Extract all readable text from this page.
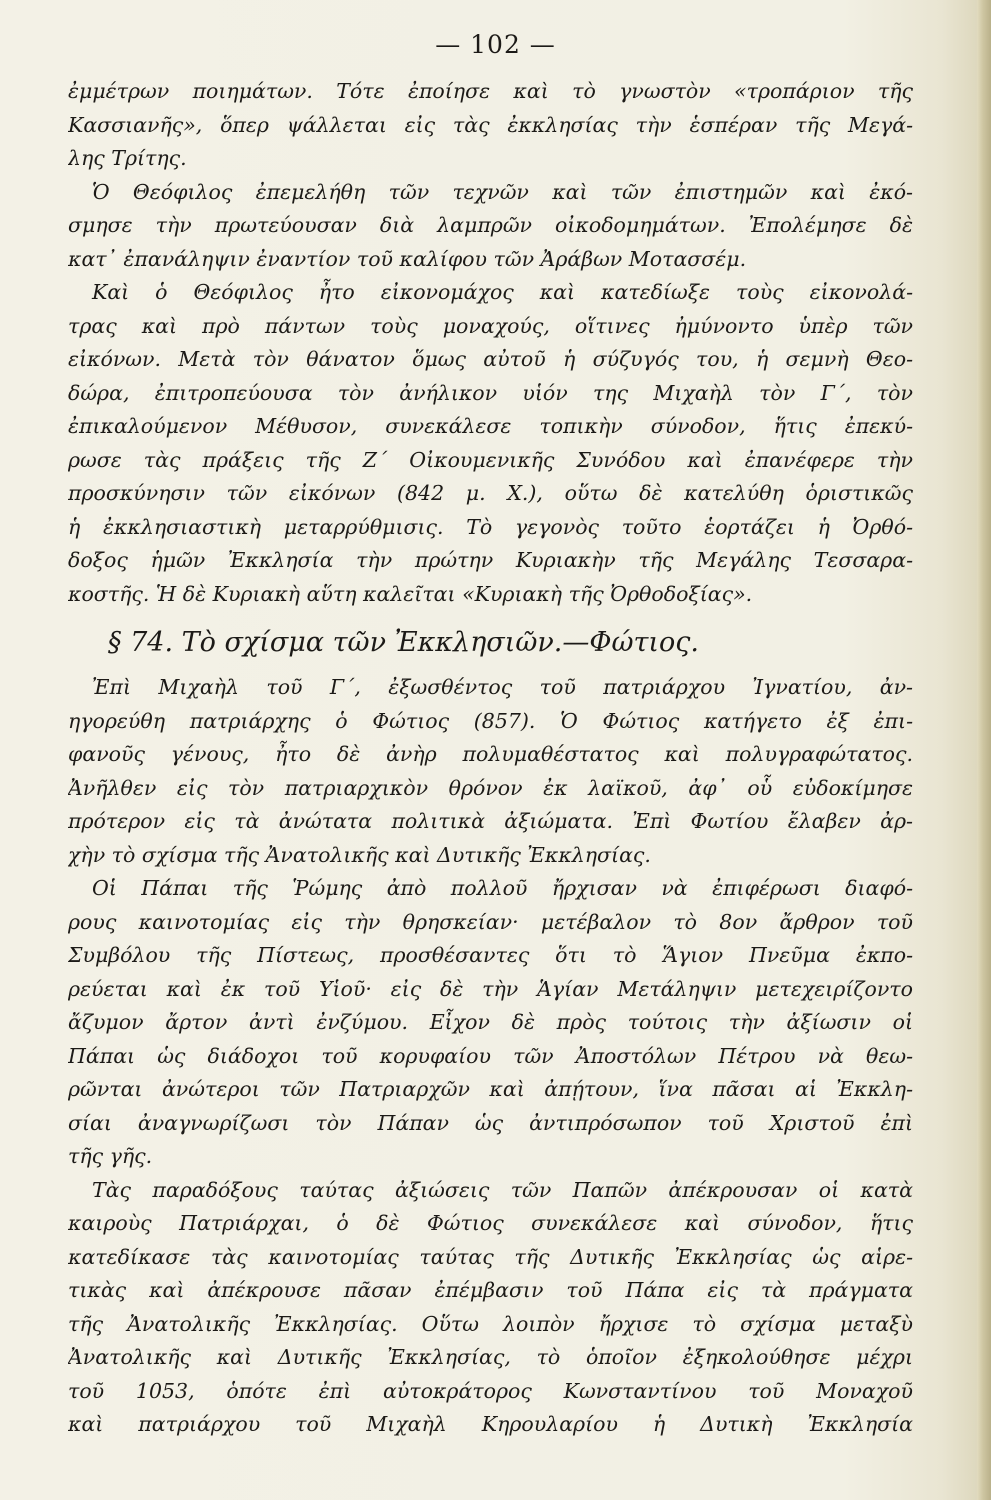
— 102 —
ἐμμέτρων ποιημάτων. Τότε ἐποίησε καὶ τὸ γνωστὸν «τροπάριον τῆς
Κασσιανῆς», ὅπερ ψάλλεται εἰς τὰς ἐκκλησίας τὴν ἑσπέραν τῆς Μεγά-
λης Τρίτης.
Ὁ Θεόφιλος ἐπεμελήθη τῶν τεχνῶν καὶ τῶν ἐπιστημῶν καὶ ἐκό-
σμησε τὴν πρωτεύουσαν διὰ λαμπρῶν οἰκοδομημάτων. Ἐπολέμησε δὲ
κατ᾽ ἐπανάληψιν ἐναντίον τοῦ καλίφου τῶν Ἀράβων Μοτασσέμ.
Καὶ ὁ Θεόφιλος ἦτο εἰκονομάχος καὶ κατεδίωξε τοὺς εἰκονολά-
τρας καὶ πρὸ πάντων τοὺς μοναχούς, οἵτινες ἠμύνοντο ὑπὲρ τῶν
εἰκόνων. Μετὰ τὸν θάνατον ὅμως αὐτοῦ ἡ σύζυγός του, ἡ σεμνὴ Θεο-
δώρα, ἐπιτροπεύουσα τὸν ἀνήλικον υἱόν της Μιχαὴλ τὸν Γ΄, τὸν
ἐπικαλούμενον Μέθυσον, συνεκάλεσε τοπικὴν σύνοδον, ἥτις ἐπεκύ-
ρωσε τὰς πράξεις τῆς Ζ΄ Οἰκουμενικῆς Συνόδου καὶ ἐπανέφερε τὴν
προσκύνησιν τῶν εἰκόνων (842 μ. Χ.), οὕτω δὲ κατελύθη ὁριστικῶς
ἡ ἐκκλησιαστικὴ μεταρρύθμισις. Τὸ γεγονὸς τοῦτο ἑορτάζει ἡ Ὀρθό-
δοξος ἡμῶν Ἐκκλησία τὴν πρώτην Κυριακὴν τῆς Μεγάλης Τεσσαρα-
κοστῆς. Ἡ δὲ Κυριακὴ αὕτη καλεῖται «Κυριακὴ τῆς Ὀρθοδοξίας».
§ 74. Τὸ σχίσμα τῶν Ἐκκλησιῶν.—Φώτιος.
Ἐπὶ Μιχαὴλ τοῦ Γ΄, ἐξωσθέντος τοῦ πατριάρχου Ἰγνατίου, ἀν-
ηγορεύθη πατριάρχης ὁ Φώτιος (857). Ὁ Φώτιος κατήγετο ἐξ ἐπι-
φανοῦς γένους, ἦτο δὲ ἀνὴρ πολυμαθέστατος καὶ πολυγραφώτατος.
Ἀνῆλθεν εἰς τὸν πατριαρχικὸν θρόνον ἐκ λαϊκοῦ, ἀφ᾽ οὗ εὐδοκίμησε
πρότερον εἰς τὰ ἀνώτατα πολιτικὰ ἀξιώματα. Ἐπὶ Φωτίου ἔλαβεν ἀρ-
χὴν τὸ σχίσμα τῆς Ἀνατολικῆς καὶ Δυτικῆς Ἐκκλησίας.
Οἱ Πάπαι τῆς Ῥώμης ἀπὸ πολλοῦ ἤρχισαν νὰ ἐπιφέρωσι διαφό-
ρους καινοτομίας εἰς τὴν θρησκείαν· μετέβαλον τὸ 8ον ἄρθρον τοῦ
Συμβόλου τῆς Πίστεως, προσθέσαντες ὅτι τὸ Ἅγιον Πνεῦμα ἐκπο-
ρεύεται καὶ ἐκ τοῦ Υἱοῦ· εἰς δὲ τὴν Ἁγίαν Μετάληψιν μετεχειρίζοντο
ἄζυμον ἄρτον ἀντὶ ἐνζύμου. Εἶχον δὲ πρὸς τούτοις τὴν ἀξίωσιν οἱ
Πάπαι ὡς διάδοχοι τοῦ κορυφαίου τῶν Ἀποστόλων Πέτρου νὰ θεω-
ρῶνται ἀνώτεροι τῶν Πατριαρχῶν καὶ ἀπῄτουν, ἵνα πᾶσαι αἱ Ἐκκλη-
σίαι ἀναγνωρίζωσι τὸν Πάπαν ὡς ἀντιπρόσωπον τοῦ Χριστοῦ ἐπὶ
τῆς γῆς.
Τὰς παραδόξους ταύτας ἀξιώσεις τῶν Παπῶν ἀπέκρουσαν οἱ κατὰ
καιροὺς Πατριάρχαι, ὁ δὲ Φώτιος συνεκάλεσε καὶ σύνοδον, ἥτις
κατεδίκασε τὰς καινοτομίας ταύτας τῆς Δυτικῆς Ἐκκλησίας ὡς αἱρε-
τικὰς καὶ ἀπέκρουσε πᾶσαν ἐπέμβασιν τοῦ Πάπα εἰς τὰ πράγματα
τῆς Ἀνατολικῆς Ἐκκλησίας. Οὕτω λοιπὸν ἤρχισε τὸ σχίσμα μεταξὺ
Ἀνατολικῆς καὶ Δυτικῆς Ἐκκλησίας, τὸ ὁποῖον ἐξηκολούθησε μέχρι
τοῦ 1053, ὁπότε ἐπὶ αὐτοκράτορος Κωνσταντίνου τοῦ Μοναχοῦ
καὶ πατριάρχου τοῦ Μιχαὴλ Κηρουλαρίου ἡ Δυτικὴ Ἐκκλησία
